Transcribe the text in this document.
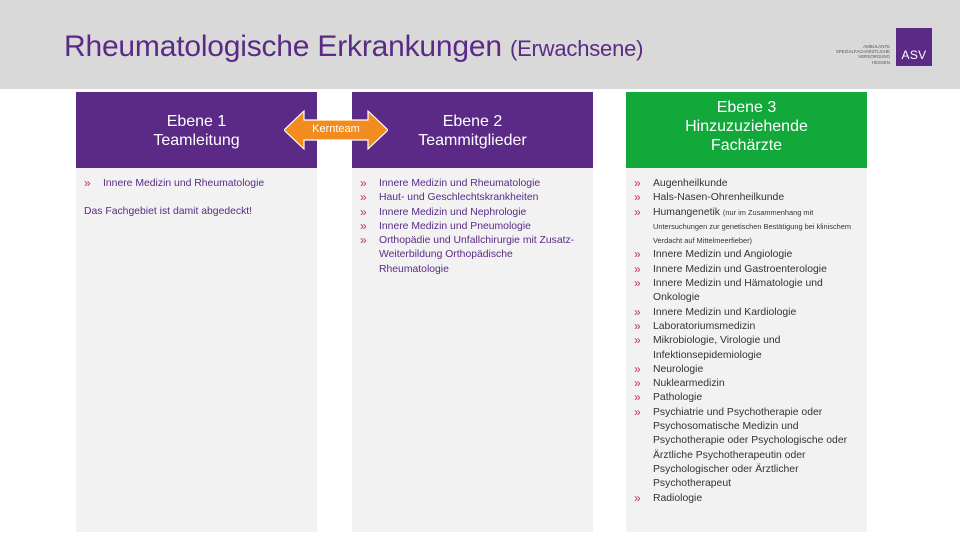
Rheumatologische Erkrankungen (Erwachsene)	AMBULANTE
SPEZIALFACHÄRZTLICHE
VERSORGUNG
HESSEN
ASV
Ebene 1
Teamleitung
» Innere Medizin und Rheumatologie
Das Fachgebiet ist damit abgedeckt!
Ebene 2
Teammitglieder
» Innere Medizin und Rheumatologie
» Haut- und Geschlechtskrankheiten
» Innere Medizin und Nephrologie
» Innere Medizin und Pneumologie
» Orthopädie und Unfallchirurgie mit Zusatz-Weiterbildung Orthopädische Rheumatologie
Ebene 3
Hinzuzuziehende
Fachärzte
» Augenheilkunde
» Hals-Nasen-Ohrenheilkunde
» Humangenetik (nur im Zusammenhang mit Untersuchungen zur genetischen Bestätigung bei klinischem Verdacht auf Mittelmeerfieber)
» Innere Medizin und Angiologie
» Innere Medizin und Gastroenterologie
» Innere Medizin und Hämatologie und Onkologie
» Innere Medizin und Kardiologie
» Laboratoriumsmedizin
» Mikrobiologie, Virologie und Infektionsepidemiologie
» Neurologie
» Nuklearmedizin
» Pathologie
» Psychiatrie und Psychotherapie oder Psychosomatische Medizin und Psychotherapie oder Psychologische oder Ärztliche Psychotherapeutin oder Psychologischer oder Ärztlicher Psychotherapeut
» Radiologie
Kernteam
